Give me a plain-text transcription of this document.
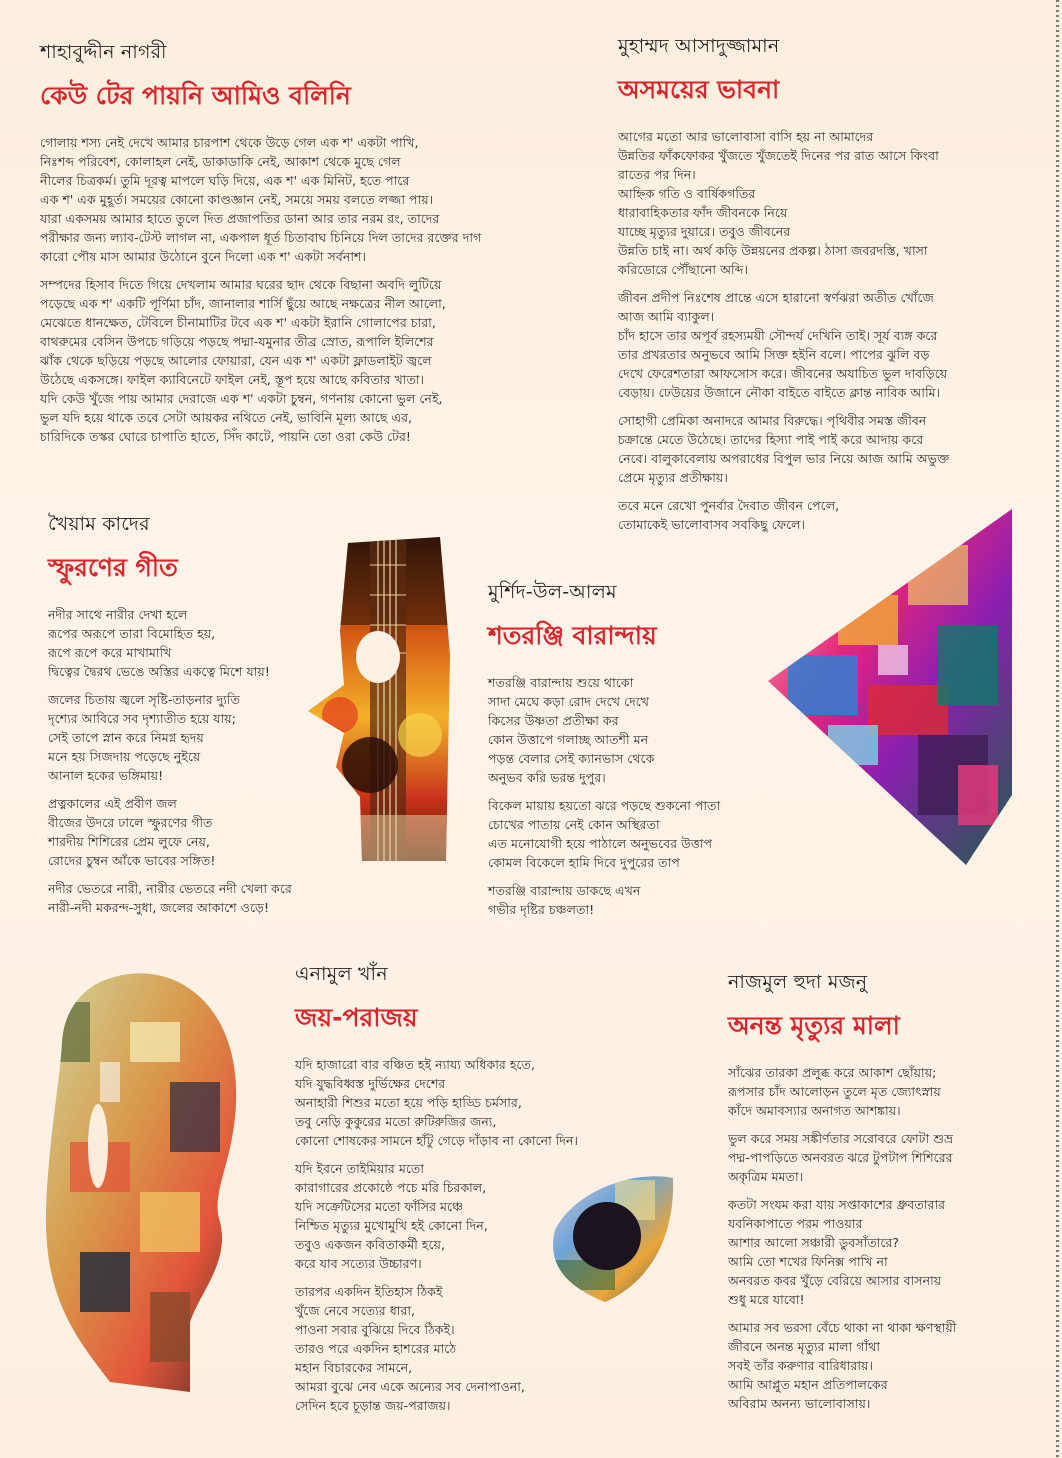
শাহাবুদ্দীন নাগরী
কেউ টের পায়নি আমিও বলিনি
গোলায় শস্য নেই দেখে আমার চারপাশ থেকে উড়ে গেল এক শ' একটা পাখি,
নিঃশব্দ পরিবেশ, কোলাহল নেই, ডাকাডাকি নেই, আকাশ থেকে মুছে গেল
নীলের চিত্রকর্ম। তুমি দূরত্ব মাপলে ঘড়ি দিয়ে, এক শ' এক মিনিট, হতে পারে
এক শ' এক মুহূর্ত। সময়ের কোনো কাণ্ডজ্ঞান নেই, সময়ে সময় বলতে লজ্জা পায়।
যারা একসময় আমার হাতে তুলে দিত প্রজাপতির ডানা আর তার নরম রং, তাদের
পরীক্ষার জন্য ল্যাব-টেস্ট লাগল না, একপাল ধূর্ত চিতাবাঘ চিনিয়ে দিল তাদের রক্তের দাগ
কারো পৌষ মাস আমার উঠোনে বুনে দিলো এক শ' একটা সর্বনাশ।
সম্পদের হিসাব দিতে গিয়ে দেখলাম আমার ঘরের ছাদ থেকে বিছানা অবদি লুটিয়ে
পড়েছে এক শ' একটি পূর্ণিমা চাঁদ, জানালার শার্সি ছুঁয়ে আছে নক্ষত্রের নীল আলো,
মেঝেতে ধানক্ষেত, টেবিলে চীনামাটির টবে এক শ' একটা ইরানি গোলাপের চারা,
বাথরুমের বেসিন উপচে গড়িয়ে পড়ছে পদ্মা-যমুনার তীব্র স্রোত, রূপালি ইলিশের
ঝাঁক থেকে ছড়িয়ে পড়ছে আলোর ফোয়ারা, যেন এক শ' একটা ফ্লাডলাইট জ্বলে
উঠেছে একসঙ্গে। ফাইল ক্যাবিনেটে ফাইল নেই, স্তূপ হয়ে আছে কবিতার খাতা।
যদি কেউ খুঁজে পায় আমার দেরাজে এক শ' একটা চুম্বন, গণনায় কোনো ভুল নেই,
ভুল যদি হয়ে থাকে তবে সেটা আয়কর নথিতে নেই, ভাবিনি মূল্য আছে এর,
চারিদিকে তস্কর ঘোরে চাপাতি হাতে, সিঁদ কাটে, পায়নি তো ওরা কেউ টের!
মুহাম্মদ আসাদুজ্জামান
অসময়ের ভাবনা
আগের মতো আর ভালোবাসা বাসি হয় না আমাদের
উন্নতির ফাঁকফোকর খুঁজতে খুঁজতেই দিনের পর রাত আসে কিংবা
রাতের পর দিন।
আহ্নিক গতি ও বার্ষিকগতির
ধারাবাহিকতার ফাঁদ জীবনকে নিয়ে
যাচ্ছে মৃত্যুর দুয়ারে। তবুও জীবনের
উন্নতি চাই না। অর্থ কড়ি উন্নয়নের প্রকল্প। ঠাসা জবরদস্তি, খাসা
করিডোরে পৌঁছানো অব্দি।
জীবন প্রদীপ নিঃশেষ প্রান্তে এসে হারানো স্বর্ণঝরা অতীত খোঁজে
আজ আমি ব্যাকুল।
চাঁদ হাসে তার অপূর্ব রহস্যময়ী সৌন্দর্য দেখিনি তাই। সূর্য ব্যঙ্গ করে
তার প্রখরতার অনুভবে আমি সিক্ত হইনি বলে। পাপের ঝুলি বড়
দেখে ফেরেশতারা আফসোস করে। জীবনের অযাচিত ভুল দাবড়িয়ে
বেড়ায়। ঢেউয়ের উজানে নৌকা বাইতে বাইতে ক্লান্ত নাবিক আমি।
সোহাগী প্রেমিকা অনাদরে আমার বিরুদ্ধে। পৃথিবীর সমস্ত জীবন
চক্রান্তে মেতে উঠেছে। তাদের হিস্যা পাই পাই করে আদায় করে
নেবে। বালুকাবেলায় অপরাধের বিপুল ভার নিয়ে আজ আমি অভুক্ত
প্রেমে মৃত্যুর প্রতীক্ষায়।
তবে মনে রেখো পুনর্বার দৈবাত জীবন পেলে,
তোমাকেই ভালোবাসব সবকিছু ফেলে।
খৈয়াম কাদের
স্ফুরণের গীত
নদীর সাথে নারীর দেখা হলে
রূপের অরূপে তারা বিমোহিত হয়,
রূপে রূপে করে মাখামাখি
দ্বিত্বের দ্বৈরথ ভেঙে অস্তির একত্বে মিশে যায়!
জলের চিতায় জ্বলে সৃষ্টি-তাড়নার দ্যুতি
দৃশ্যের আবিরে সব দৃশ্যাতীত হয়ে যায়;
সেই তাপে স্নান করে নিমগ্ন হৃদয়
মনে হয় সিজদায় পড়েছে নুইয়ে
আনাল হকের ভঙ্গিমায়!
প্রত্নকালের এই প্রবীণ জল
বীজের উদরে ঢালে স্ফুরণের গীত
শারদীয় শিশিরের প্রেম লুফে নেয়,
রোদের চুম্বন আঁকে ভাবের সঙ্গিত!
নদীর ভেতরে নারী, নারীর ভেতরে নদী খেলা করে
নারী-নদী মকরন্দ-সুধা, জলের আকাশে ওড়ে!
মুর্শিদ-উল-আলম
শতরঞ্জি বারান্দায়
শতরঞ্জি বারান্দায় শুয়ে থাকো
সাদা মেঘে কড়া রোদ দেখে দেখে
কিসের উষ্ণতা প্রতীক্ষা কর
কোন উত্তাপে গলাচ্ছ আতশী মন
পড়ন্ত বেলার সেই ক্যানভাস থেকে
অনুভব করি ভরন্ত দুপুর।
বিকেল মায়ায় হয়তো ঝরে পড়ছে শুকনো পাতা
চোখের পাতায় নেই কোন অস্থিরতা
এত মনোযোগী হয়ে পাঠালে অনুভবের উত্তাপ
কোমল বিকেলে হামি দিবে দুপুরের তাপ
শতরঞ্জি বারান্দায় ডাকছে এখন
গভীর দৃষ্টির চঞ্চলতা!
এনামুল খাঁন
জয়-পরাজয়
যদি হাজারো বার বঞ্চিত হই ন্যায্য অধিকার হতে,
যদি যুদ্ধবিধ্বস্ত দুর্ভিক্ষের দেশের
অনাহারী শিশুর মতো হয়ে পড়ি হাড্ডি চর্মসার,
তবু নেড়ি কুকুরের মতো রুটিরুজির জন্য,
কোনো শোষকের সামনে হাঁটু গেড়ে দাঁড়াব না কোনো দিন।
যদি ইবনে তাইমিয়ার মতো
কারাগারের প্রকোষ্ঠে পচে মরি চিরকাল,
যদি সক্রেটিসের মতো ফাঁসির মঞ্চে
নিশ্চিত মৃত্যুর মুখোমুখি হই কোনো দিন,
তবুও একজন কবিতাকর্মী হয়ে,
করে যাব সত্যের উচ্চারণ।
তারপর একদিন ইতিহাস ঠিকই
খুঁজে নেবে সত্যের ধারা,
পাওনা সবার বুঝিয়ে দিবে ঠিকই।
তারও পরে একদিন হাশরের মাঠে
মহান বিচারকের সামনে,
আমরা বুঝে নেব একে অন্যের সব দেনাপাওনা,
সেদিন হবে চূড়ান্ত জয়-পরাজয়।
নাজমুল হুদা মজনু
অনন্ত মৃত্যুর মালা
সাঁঝের তারকা প্রলুব্ধ করে আকাশ ছোঁয়ায়;
রূপসার চাঁদ আলোড়ন তুলে মৃত জ্যোৎস্নায়
কাঁদে অমাবস্যার অনাগত আশঙ্কায়।
ভুল করে সময় সঙ্কীর্ণতার সরোবরে ফোটা শুভ্র
পদ্ম-পাপড়িতে অনবরত ঝরে টুপটাপ শিশিরের
অকৃত্রিম মমতা।
কতটা সংযম করা যায় সপ্তাকাশের ধ্রুবতারার
যবনিকাপাতে পরম পাওয়ার
আশার আলো সঞ্চারী ডুবসাঁতারে?
আমি তো শখের ফিনিক্স পাখি না
অনবরত কবর খুঁড়ে বেরিয়ে আসার বাসনায়
শুধু মরে যাবো!
আমার সব ভরসা বেঁচে থাকা না থাকা ক্ষণস্থায়ী
জীবনে অনন্ত মৃত্যুর মালা গাঁথা
সবই তাঁর করুণার বারিধারায়।
আমি আপ্লুত মহান প্রতিপালকের
অবিরাম অনন্য ভালোবাসায়।
